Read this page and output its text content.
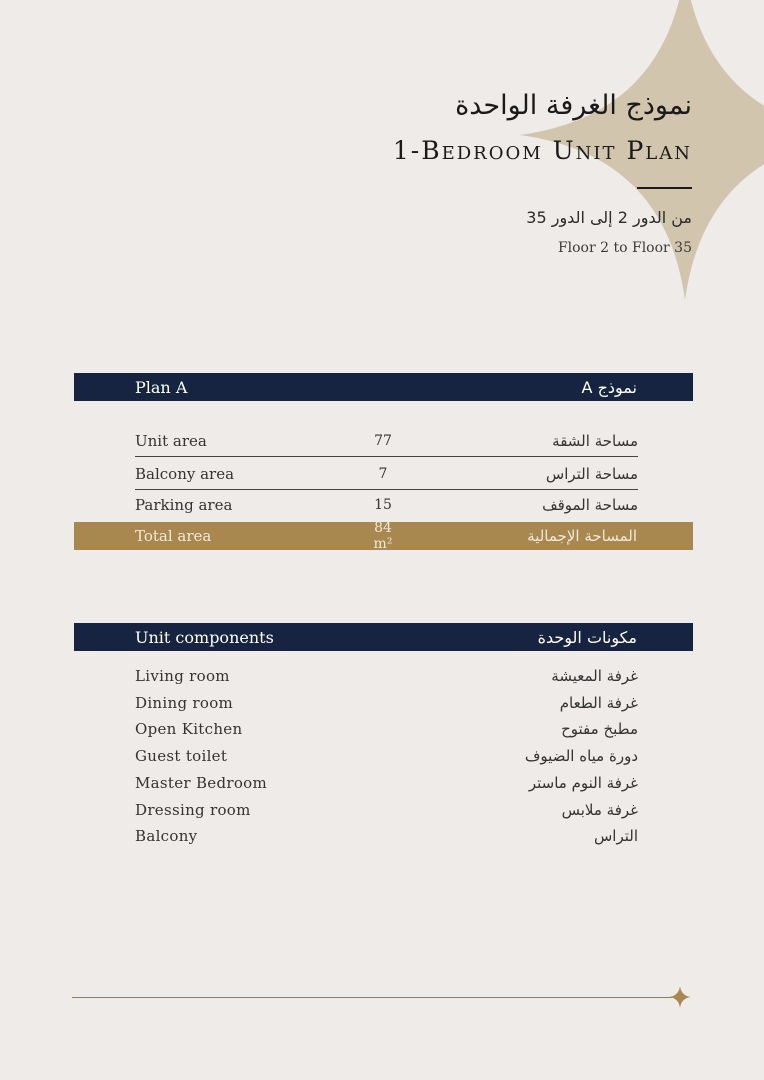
نموذج الغرفة الواحدة
1-Bedroom Unit Plan
من الدور 2 إلى الدور 35
Floor 2 to Floor 35
Plan A	نموذج A
Unit area	77	مساحة الشقة
Balcony area	7	مساحة التراس
Parking area	15	مساحة الموقف
Total area	84 m²	المساحة الإجمالية
Unit components	مكونات الوحدة
Living room	غرفة المعيشة
Dining room	غرفة الطعام
Open Kitchen	مطبخ مفتوح
Guest toilet	دورة مياه الضيوف
Master Bedroom	غرفة النوم ماستر
Dressing room	غرفة ملابس
Balcony	التراس
